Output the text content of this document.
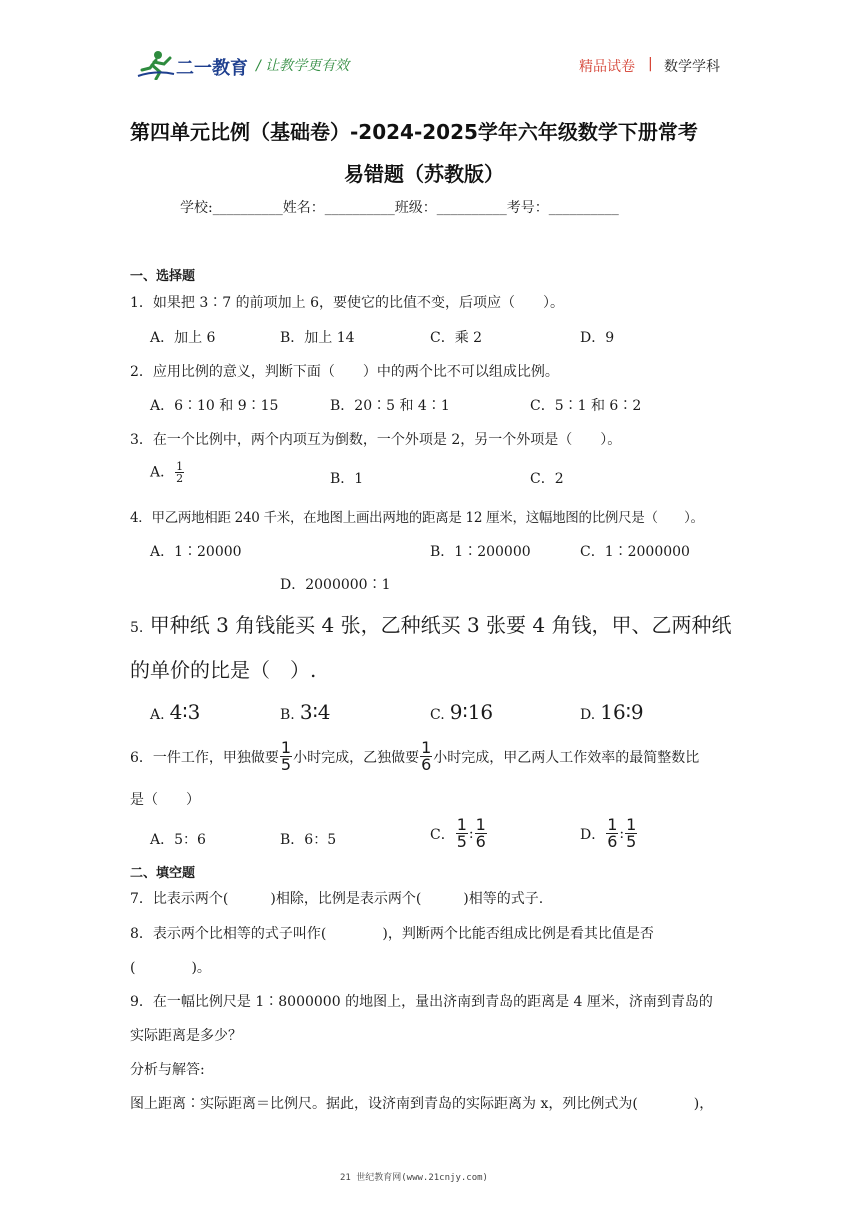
二一教育 / 让教学更有效	精品试卷 | 数学学科
第四单元比例（基础卷）-2024-2025学年六年级数学下册常考
易错题（苏教版）
学校:__________姓名：__________班级：__________考号：__________
一、选择题
1．如果把 3∶7 的前项加上 6，要使它的比值不变，后项应（　　）。
A．加上 6	B．加上 14	C．乘 2	D．9
2．应用比例的意义，判断下面（　　）中的两个比不可以组成比例。
A．6∶10 和 9∶15	B．20∶5 和 4∶1	C．5∶1 和 6∶2
3．在一个比例中，两个内项互为倒数，一个外项是 2，另一个外项是（　　）。
A． $\frac{1}{2}$	B．1	C．2
4．甲乙两地相距 240 千米，在地图上画出两地的距离是 12 厘米，这幅地图的比例尺是（　　）。
A．1∶20000	B．1∶200000	C．1∶2000000
D．2000000∶1
5. 甲种纸 3 角钱能买 4 张，乙种纸买 3 张要 4 角钱，甲、乙两种纸
的单价的比是（　）.
A. 4∶3	B. 3∶4	C. 9∶16	D. 16∶9
6．一件工作，甲独做要 $\frac{1}{5}$ 小时完成，乙独做要 $\frac{1}{6}$ 小时完成，甲乙两人工作效率的最简整数比
是（　　）
A．5：6	B．6：5	C． $\frac{1}{5}$ : $\frac{1}{6}$	D． $\frac{1}{6}$ : $\frac{1}{5}$
二、填空题
7．比表示两个(　　　)相除，比例是表示两个(　　　)相等的式子.
8．表示两个比相等的式子叫作(　　　　)，判断两个比能否组成比例是看其比值是否
(　　　　)。
9．在一幅比例尺是 1∶8000000 的地图上，量出济南到青岛的距离是 4 厘米，济南到青岛的
实际距离是多少？
分析与解答:
图上距离∶实际距离＝比例尺。据此，设济南到青岛的实际距离为 x，列比例式为(　　　　)，
21 世纪教育网(www.21cnjy.com)
